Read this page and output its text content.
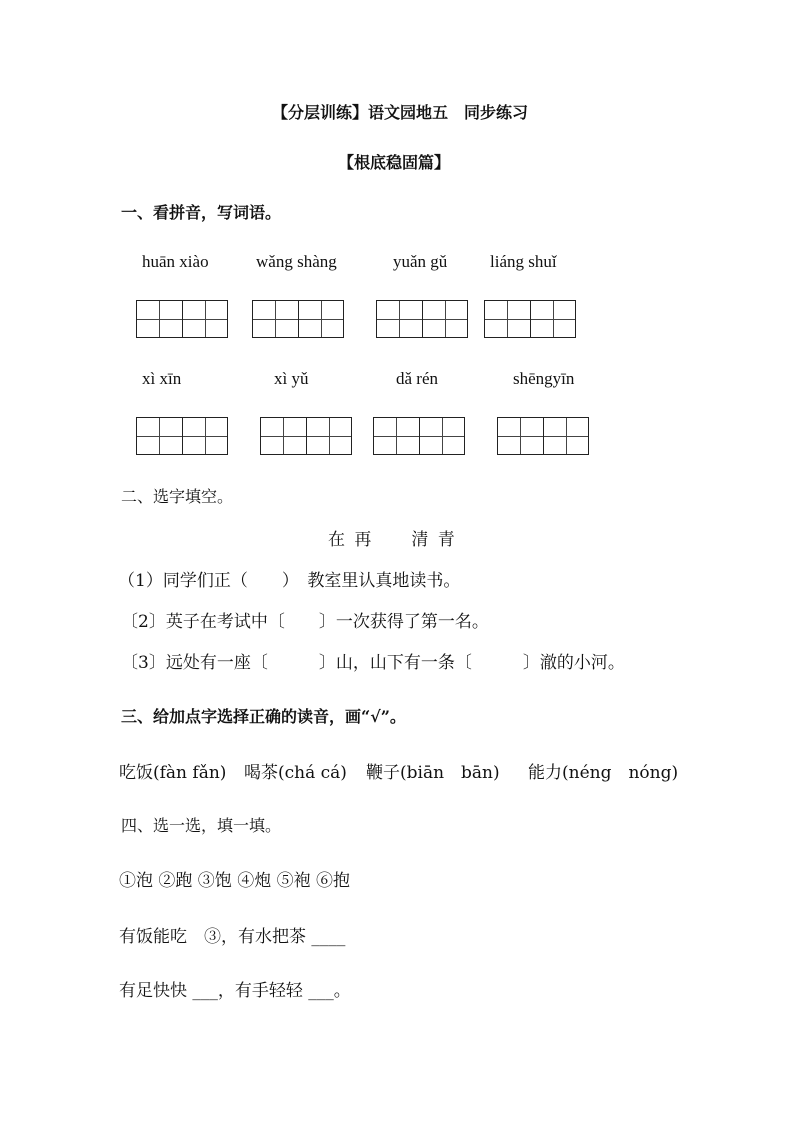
【分层训练】语文园地五　同步练习
【根底稳固篇】
一、看拼音，写词语。
huān xiào	wǎng shàng	yuǎn gǔ	liáng shuǐ
xì xīn	xì yǔ	dǎ rén	shēngyīn
二、选字填空。
在 再　　清 青
（1）同学们正（　　）　教室里认真地读书。
〔2〕英子在考试中〔　　〕一次获得了第一名。
〔3〕远处有一座〔　　　〕山，山下有一条〔　　　〕澈的小河。
三、给加点字选择正确的读音，画“√”。
吃饭(fàn fǎn) 喝茶(chá cá) 鞭子(biān　bān) 能力(néng　nóng)
四、选一选，填一填。
①泡 ②跑 ③饱 ④炮 ⑤袍 ⑥抱
有饭能吃　③，有水把茶 ____
有足快快 ___，有手轻轻 ___。
